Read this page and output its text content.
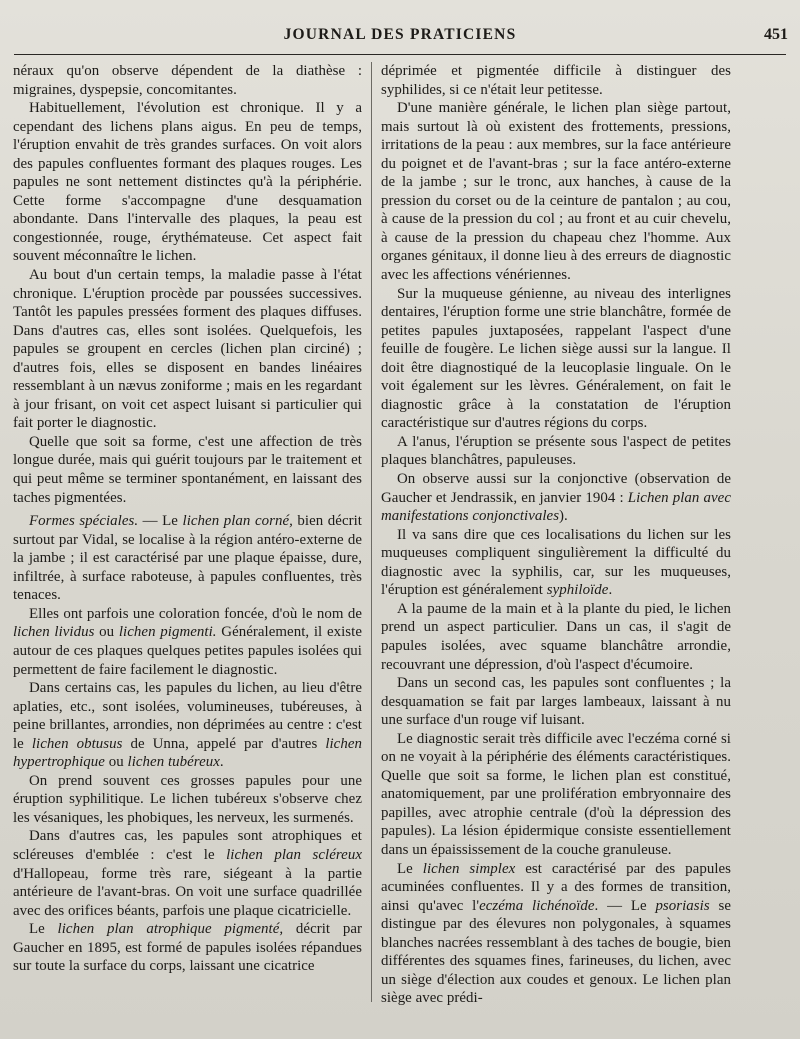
JOURNAL DES PRATICIENS	451

néraux qu'on observe dépendent de la diathèse : migraines, dyspepsie, concomitantes.

Habituellement, l'évolution est chronique. Il y a cependant des lichens plans aigus. En peu de temps, l'éruption envahit de très grandes surfaces. On voit alors des papules confluentes formant des plaques rouges. Les papules ne sont nettement distinctes qu'à la périphérie. Cette forme s'accompagne d'une desquamation abondante. Dans l'intervalle des plaques, la peau est congestionnée, rouge, érythémateuse. Cet aspect fait souvent méconnaître le lichen.

Au bout d'un certain temps, la maladie passe à l'état chronique. L'éruption procède par poussées successives. Tantôt les papules pressées forment des plaques diffuses. Dans d'autres cas, elles sont isolées. Quelquefois, les papules se groupent en cercles (lichen plan circiné) ; d'autres fois, elles se disposent en bandes linéaires ressemblant à un nævus zoniforme ; mais en les regardant à jour frisant, on voit cet aspect luisant si particulier qui fait porter le diagnostic.

Quelle que soit sa forme, c'est une affection de très longue durée, mais qui guérit toujours par le traitement et qui peut même se terminer spontanément, en laissant des taches pigmentées.

Formes spéciales. — Le lichen plan corné, bien décrit surtout par Vidal, se localise à la région antéro-externe de la jambe ; il est caractérisé par une plaque épaisse, dure, infiltrée, à surface raboteuse, à papules confluentes, très tenaces.

Elles ont parfois une coloration foncée, d'où le nom de lichen lividus ou lichen pigmenti. Généralement, il existe autour de ces plaques quelques petites papules isolées qui permettent de faire facilement le diagnostic.

Dans certains cas, les papules du lichen, au lieu d'être aplaties, etc., sont isolées, volumineuses, tubéreuses, à peine brillantes, arrondies, non déprimées au centre : c'est le lichen obtusus de Unna, appelé par d'autres lichen hypertrophique ou lichen tubéreux.

On prend souvent ces grosses papules pour une éruption syphilitique. Le lichen tubéreux s'observe chez les vésaniques, les phobiques, les nerveux, les surmenés.

Dans d'autres cas, les papules sont atrophiques et scléreuses d'emblée : c'est le lichen plan scléreux d'Hallopeau, forme très rare, siégeant à la partie antérieure de l'avant-bras. On voit une surface quadrillée avec des orifices béants, parfois une plaque cicatricielle.

Le lichen plan atrophique pigmenté, décrit par Gaucher en 1895, est formé de papules isolées répandues sur toute la surface du corps, laissant une cicatrice

déprimée et pigmentée difficile à distinguer des syphilides, si ce n'était leur petitesse.

D'une manière générale, le lichen plan siège partout, mais surtout là où existent des frottements, pressions, irritations de la peau : aux membres, sur la face antérieure du poignet et de l'avant-bras ; sur la face antéro-externe de la jambe ; sur le tronc, aux hanches, à cause de la pression du corset ou de la ceinture de pantalon ; au cou, à cause de la pression du col ; au front et au cuir chevelu, à cause de la pression du chapeau chez l'homme. Aux organes génitaux, il donne lieu à des erreurs de diagnostic avec les affections vénériennes.

Sur la muqueuse génienne, au niveau des interlignes dentaires, l'éruption forme une strie blanchâtre, formée de petites papules juxtaposées, rappelant l'aspect d'une feuille de fougère. Le lichen siège aussi sur la langue. Il doit être diagnostiqué de la leucoplasie linguale. On le voit également sur les lèvres. Généralement, on fait le diagnostic grâce à la constatation de l'éruption caractéristique sur d'autres régions du corps.

A l'anus, l'éruption se présente sous l'aspect de petites plaques blanchâtres, papuleuses.

On observe aussi sur la conjonctive (observation de Gaucher et Jendrassik, en janvier 1904 : Lichen plan avec manifestations conjonctivales).

Il va sans dire que ces localisations du lichen sur les muqueuses compliquent singulièrement la difficulté du diagnostic avec la syphilis, car, sur les muqueuses, l'éruption est généralement syphiloïde.

A la paume de la main et à la plante du pied, le lichen prend un aspect particulier. Dans un cas, il s'agit de papules isolées, avec squame blanchâtre arrondie, recouvrant une dépression, d'où l'aspect d'écumoire.

Dans un second cas, les papules sont confluentes ; la desquamation se fait par larges lambeaux, laissant à nu une surface d'un rouge vif luisant.

Le diagnostic serait très difficile avec l'eczéma corné si on ne voyait à la périphérie des éléments caractéristiques. Quelle que soit sa forme, le lichen plan est constitué, anatomiquement, par une prolifération embryonnaire des papilles, avec atrophie centrale (d'où la dépression des papules). La lésion épidermique consiste essentiellement dans un épaississement de la couche granuleuse.

Le lichen simplex est caractérisé par des papules acuminées confluentes. Il y a des formes de transition, ainsi qu'avec l'eczéma lichénoïde. — Le psoriasis se distingue par des élevures non polygonales, à squames blanches nacrées ressemblant à des taches de bougie, bien différentes des squames fines, farineuses, du lichen, avec un siège d'élection aux coudes et genoux. Le lichen plan siège avec prédi-
